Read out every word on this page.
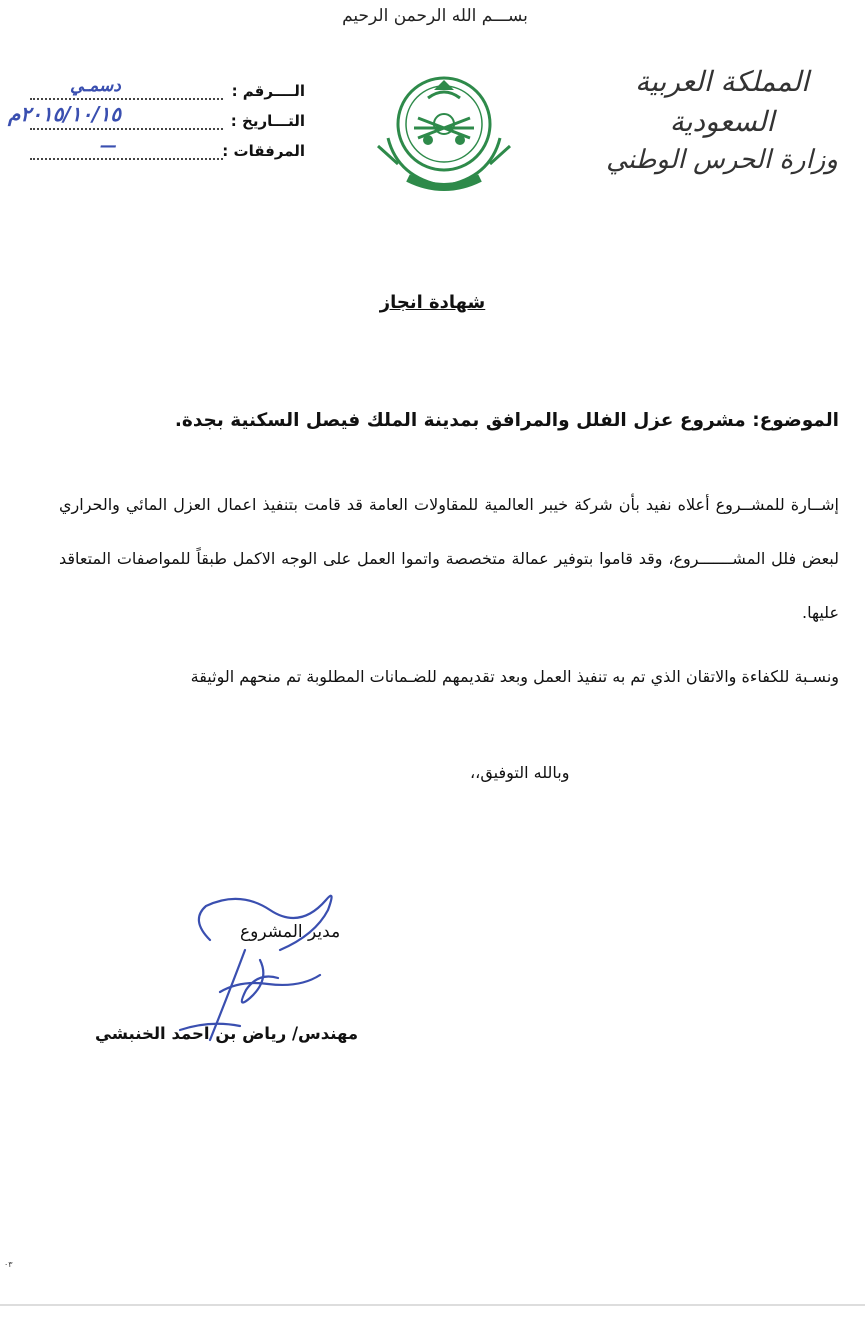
بســـم الله الرحمن الرحيم
المملكة العربية السعودية
وزارة الحرس الوطني
الــــرقم :
دسمـي
التـــاريخ :
٢٠١٥/١٠/١٥م
المرفقات :
—
شهادة انجاز
الموضوع: مشروع عزل الفلل والمرافق بمدينة الملك فيصل السكنية بجدة.
إشــارة للمشــروع أعلاه نفيد بأن شركة خيبر العالمية للمقاولات العامة قد قامت بتنفيذ اعمال العزل المائي والحراري لبعض فلل المشـــــــروع، وقد قاموا بتوفير عمالة متخصصة واتموا العمل على الوجه الاكمل طبقاً للمواصفات المتعاقد عليها.
ونسـبة للكفاءة والاتقان الذي تم به تنفيذ العمل وبعد تقديمهم للضـمانات المطلوبة تم منحهم الوثيقة
وبالله التوفيق،،
مدير المشروع
مهندس/ رياض بن احمد الخنبشي
٠٣
